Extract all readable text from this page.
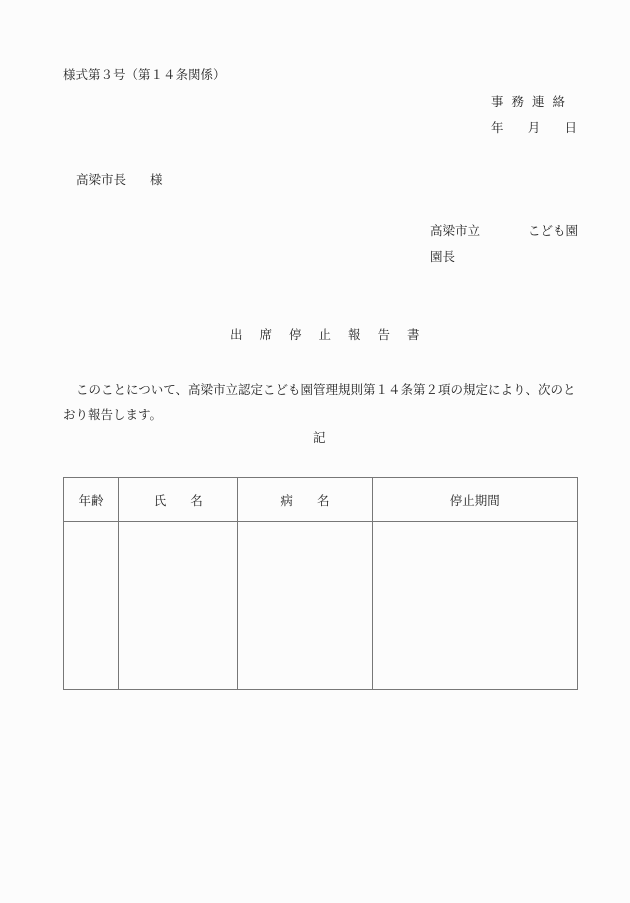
様式第３号（第１４条関係）
事務連絡
年 月 日
高梁市長 様
高梁市立	こども園
園長
出席停止報告書
このことについて、高梁市立認定こども園管理規則第１４条第２項の規定により、次のとおり報告します。
記
年齢	氏 名	病 名	停止期間
